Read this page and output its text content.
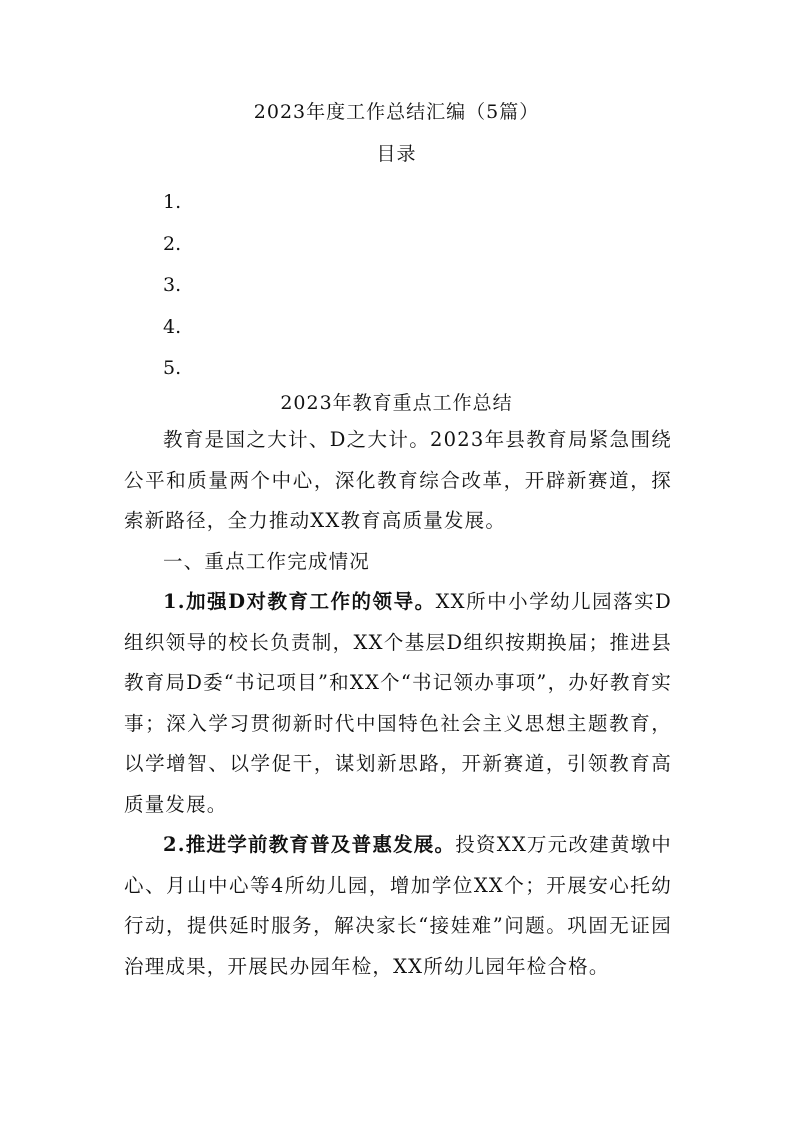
2023年度工作总结汇编（5篇）
目录
1.
2.
3.
4.
5.
2023年教育重点工作总结

教育是国之大计、D之大计。2023年县教育局紧急围绕公平和质量两个中心，深化教育综合改革，开辟新赛道，探索新路径，全力推动XX教育高质量发展。

一、重点工作完成情况

1.加强D对教育工作的领导。XX所中小学幼儿园落实D组织领导的校长负责制，XX个基层D组织按期换届；推进县教育局D委“书记项目”和XX个“书记领办事项”，办好教育实事；深入学习贯彻新时代中国特色社会主义思想主题教育，以学增智、以学促干，谋划新思路，开新赛道，引领教育高质量发展。

2.推进学前教育普及普惠发展。投资XX万元改建黄墩中心、月山中心等4所幼儿园，增加学位XX个；开展安心托幼行动，提供延时服务，解决家长“接娃难”问题。巩固无证园治理成果，开展民办园年检，XX所幼儿园年检合格。
